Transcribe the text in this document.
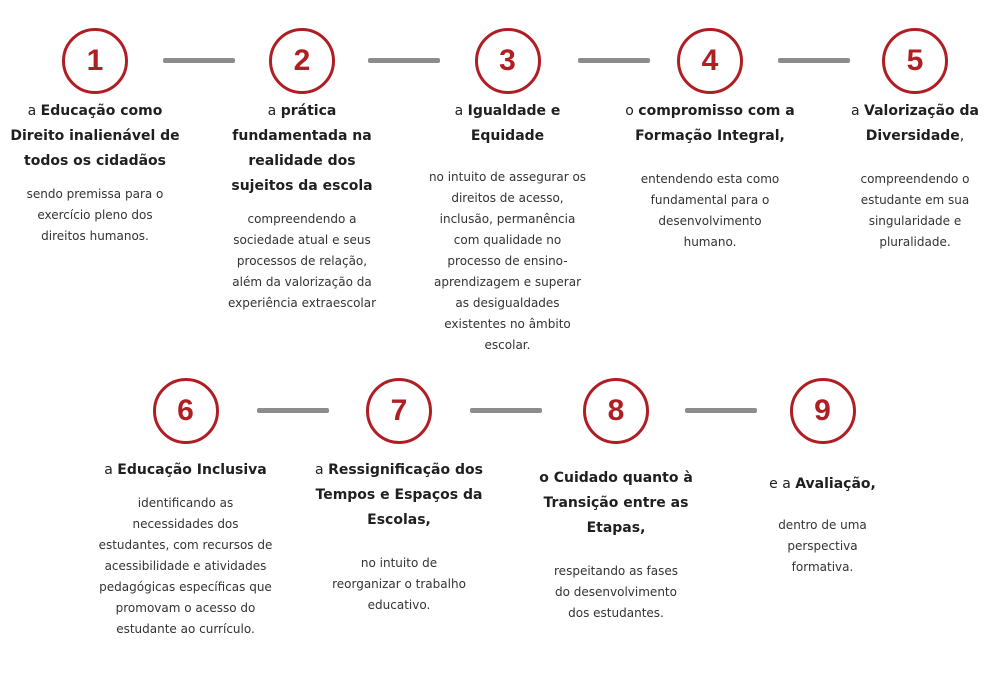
1
a Educação como Direito inalienável de todos os cidadãos
sendo premissa para o exercício pleno dos direitos humanos.
2
a prática fundamentada na realidade dos sujeitos da escola
compreendendo a sociedade atual e seus processos de relação, além da valorização da experiência extraescolar
3
a Igualdade e Equidade
no intuito de assegurar os direitos de acesso, inclusão, permanência com qualidade no processo de ensino-aprendizagem e superar as desigualdades existentes no âmbito escolar.
4
o compromisso com a Formação Integral,
entendendo esta como fundamental para o desenvolvimento humano.
5
a Valorização da Diversidade,
compreendendo o estudante em sua singularidade e pluralidade.
6
a Educação Inclusiva
identificando as necessidades dos estudantes, com recursos de acessibilidade e atividades pedagógicas específicas que promovam o acesso do estudante ao currículo.
7
a Ressignificação dos Tempos e Espaços da Escolas,
no intuito de reorganizar o trabalho educativo.
8
o Cuidado quanto à Transição entre as Etapas,
respeitando as fases do desenvolvimento dos estudantes.
9
e a Avaliação,
dentro de uma perspectiva formativa.
